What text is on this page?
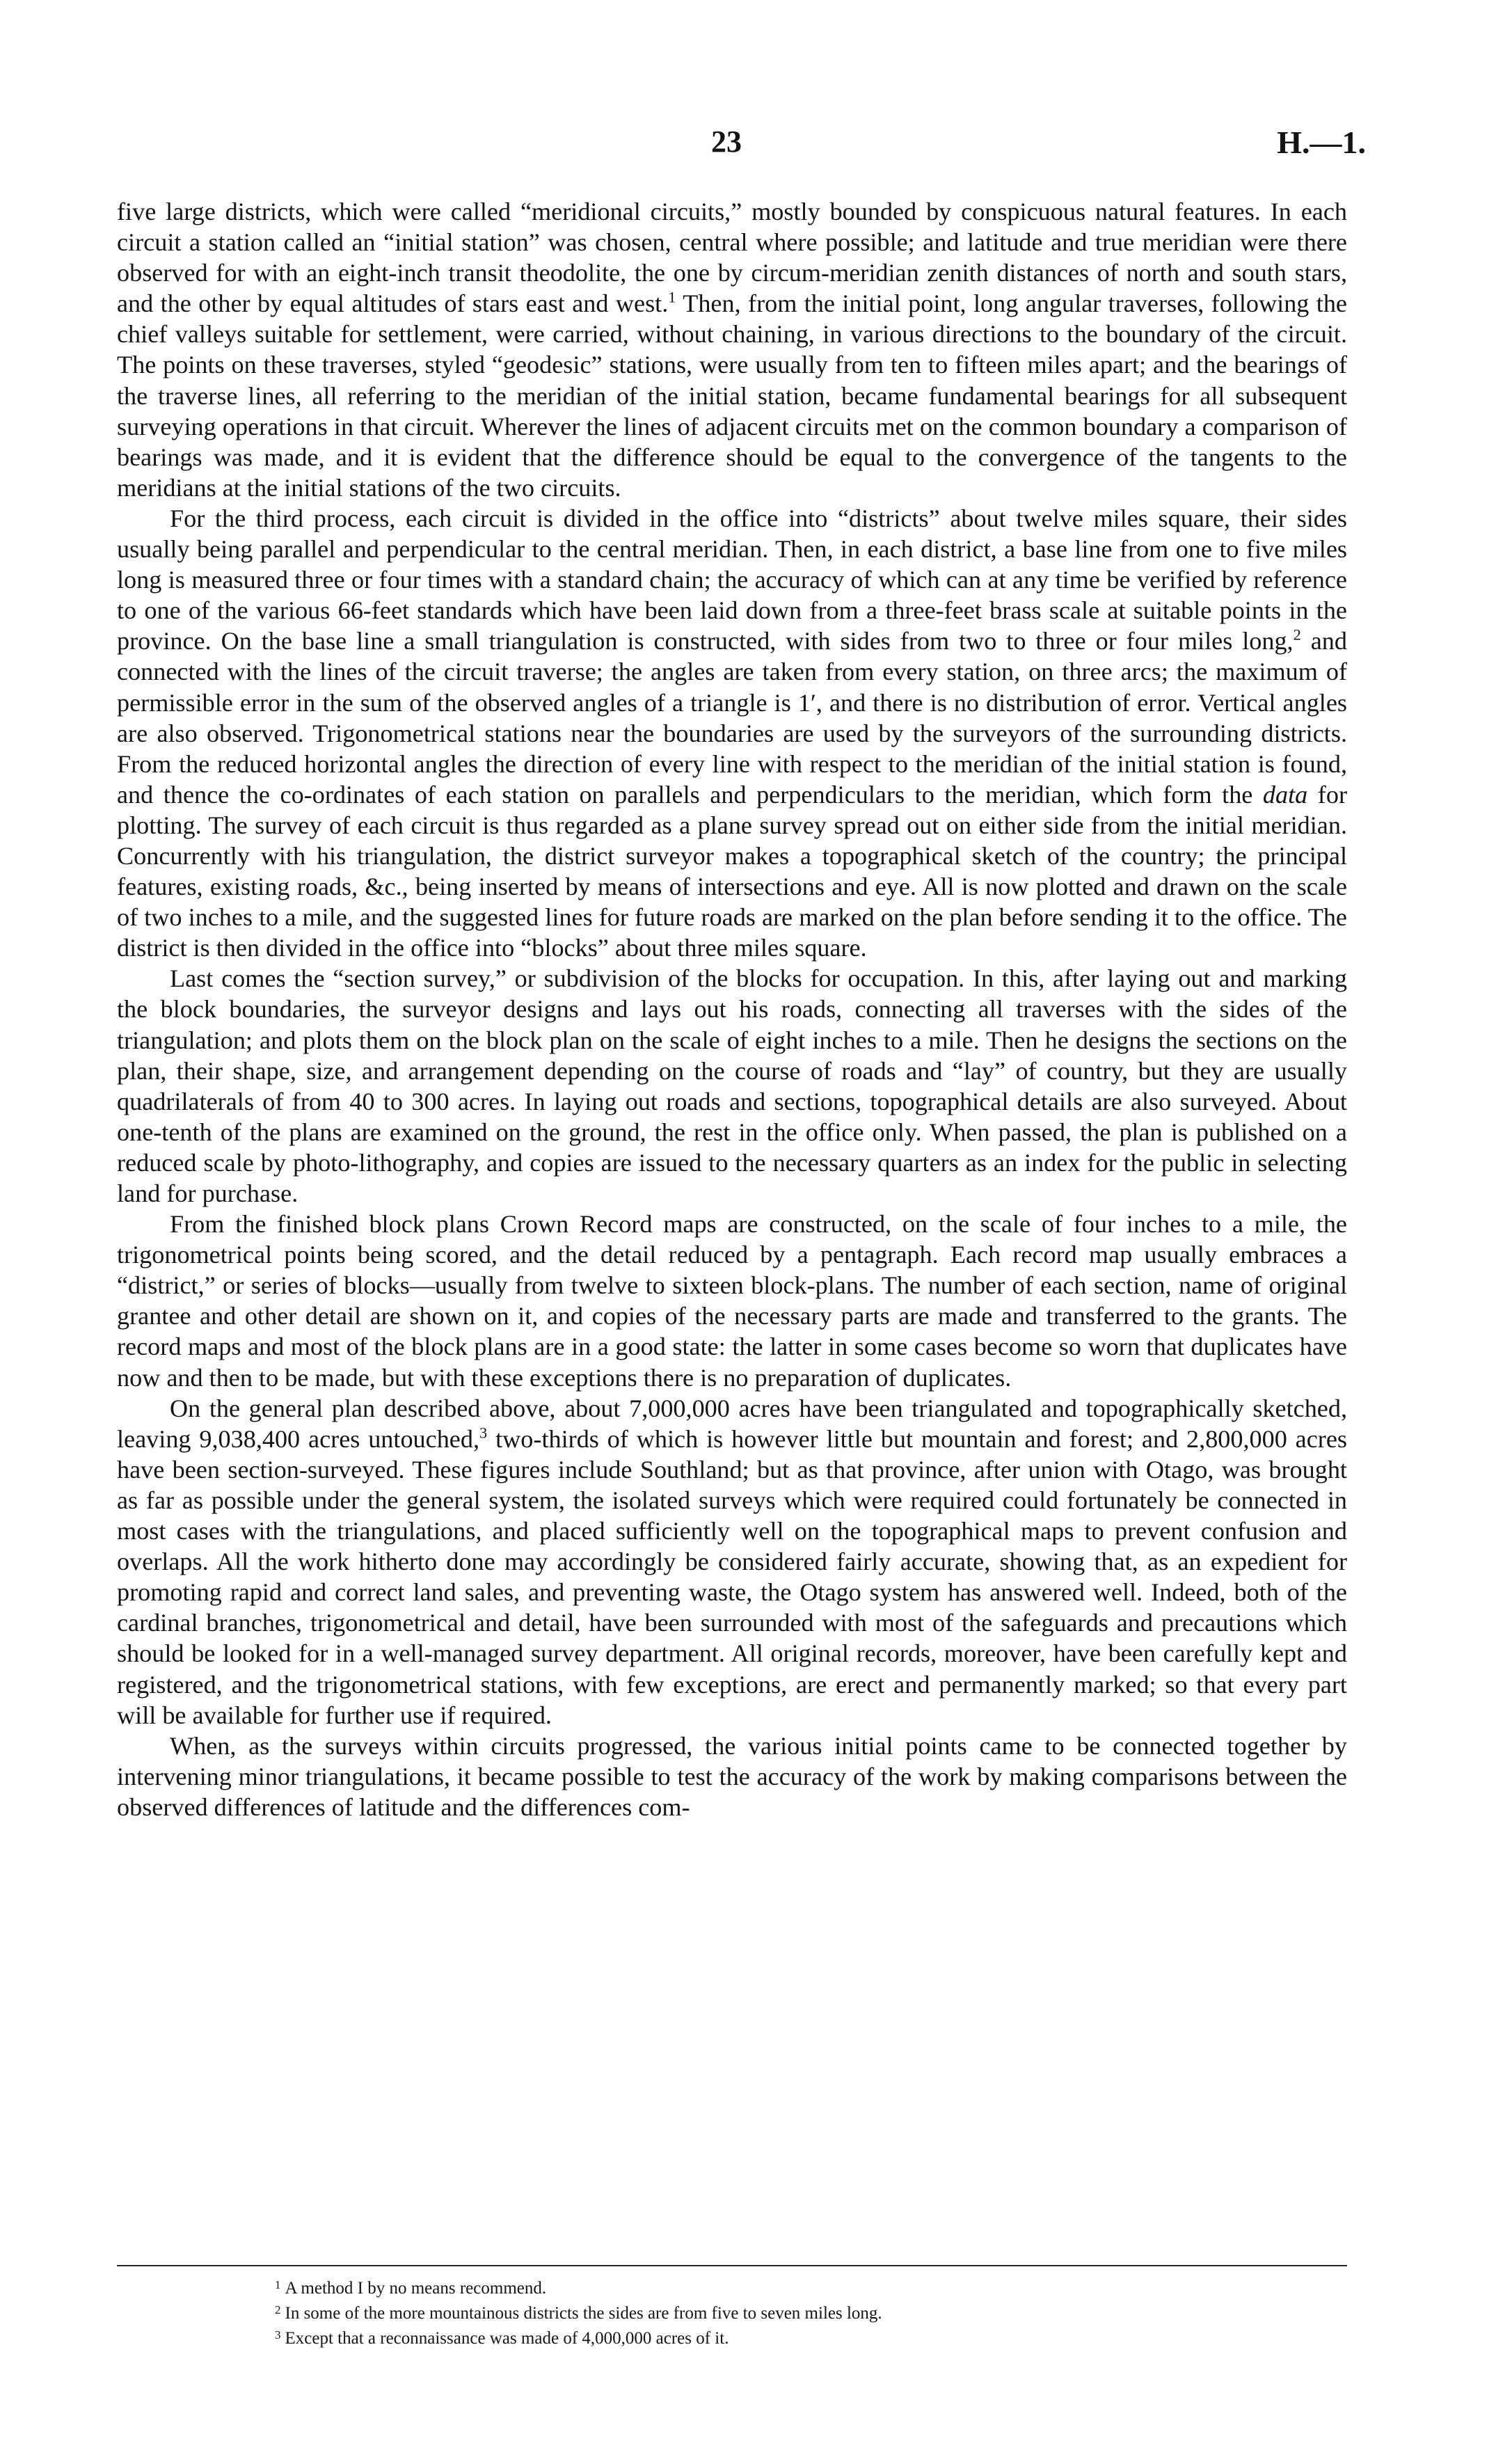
23	H.—1.

five large districts, which were called “meridional circuits,” mostly bounded by conspicuous natural features. In each circuit a station called an “initial station” was chosen, central where possible; and latitude and true meridian were there observed for with an eight-inch transit theodolite, the one by circum-meridian zenith distances of north and south stars, and the other by equal altitudes of stars east and west.$^1$ Then, from the initial point, long angular traverses, following the chief valleys suitable for settlement, were carried, without chaining, in various directions to the boundary of the circuit. The points on these traverses, styled “geodesic” stations, were usually from ten to fifteen miles apart; and the bearings of the traverse lines, all referring to the meridian of the initial station, became fundamental bearings for all subsequent surveying operations in that circuit. Wherever the lines of adjacent circuits met on the common boundary a comparison of bearings was made, and it is evident that the difference should be equal to the convergence of the tangents to the meridians at the initial stations of the two circuits.

For the third process, each circuit is divided in the office into “districts” about twelve miles square, their sides usually being parallel and perpendicular to the central meridian. Then, in each district, a base line from one to five miles long is measured three or four times with a standard chain; the accuracy of which can at any time be verified by reference to one of the various 66-feet standards which have been laid down from a three-feet brass scale at suitable points in the province. On the base line a small triangulation is constructed, with sides from two to three or four miles long,$^2$ and connected with the lines of the circuit traverse; the angles are taken from every station, on three arcs; the maximum of permissible error in the sum of the observed angles of a triangle is 1′, and there is no distribution of error. Vertical angles are also observed. Trigonometrical stations near the boundaries are used by the surveyors of the surrounding districts. From the reduced horizontal angles the direction of every line with respect to the meridian of the initial station is found, and thence the co-ordinates of each station on parallels and perpendiculars to the meridian, which form the data for plotting. The survey of each circuit is thus regarded as a plane survey spread out on either side from the initial meridian. Concurrently with his triangulation, the district surveyor makes a topographical sketch of the country; the principal features, existing roads, &c., being inserted by means of intersections and eye. All is now plotted and drawn on the scale of two inches to a mile, and the suggested lines for future roads are marked on the plan before sending it to the office. The district is then divided in the office into “blocks” about three miles square.

Last comes the “section survey,” or subdivision of the blocks for occupation. In this, after laying out and marking the block boundaries, the surveyor designs and lays out his roads, connecting all traverses with the sides of the triangulation; and plots them on the block plan on the scale of eight inches to a mile. Then he designs the sections on the plan, their shape, size, and arrangement depending on the course of roads and “lay” of country, but they are usually quadrilaterals of from 40 to 300 acres. In laying out roads and sections, topographical details are also surveyed. About one-tenth of the plans are examined on the ground, the rest in the office only. When passed, the plan is published on a reduced scale by photo-lithography, and copies are issued to the necessary quarters as an index for the public in selecting land for purchase.

From the finished block plans Crown Record maps are constructed, on the scale of four inches to a mile, the trigonometrical points being scored, and the detail reduced by a pentagraph. Each record map usually embraces a “district,” or series of blocks—usually from twelve to sixteen block-plans. The number of each section, name of original grantee and other detail are shown on it, and copies of the necessary parts are made and transferred to the grants. The record maps and most of the block plans are in a good state: the latter in some cases become so worn that duplicates have now and then to be made, but with these exceptions there is no preparation of duplicates.

On the general plan described above, about 7,000,000 acres have been triangulated and topographically sketched, leaving 9,038,400 acres untouched,$^3$ two-thirds of which is however little but mountain and forest; and 2,800,000 acres have been section-surveyed. These figures include Southland; but as that province, after union with Otago, was brought as far as possible under the general system, the isolated surveys which were required could fortunately be connected in most cases with the triangulations, and placed sufficiently well on the topographical maps to prevent confusion and overlaps. All the work hitherto done may accordingly be considered fairly accurate, showing that, as an expedient for promoting rapid and correct land sales, and preventing waste, the Otago system has answered well. Indeed, both of the cardinal branches, trigonometrical and detail, have been surrounded with most of the safeguards and precautions which should be looked for in a well-managed survey department. All original records, moreover, have been carefully kept and registered, and the trigonometrical stations, with few exceptions, are erect and permanently marked; so that every part will be available for further use if required.

When, as the surveys within circuits progressed, the various initial points came to be connected together by intervening minor triangulations, it became possible to test the accuracy of the work by making comparisons between the observed differences of latitude and the differences com-

$^1$ A method I by no means recommend.

$^2$ In some of the more mountainous districts the sides are from five to seven miles long.

$^3$ Except that a reconnaissance was made of 4,000,000 acres of it.
